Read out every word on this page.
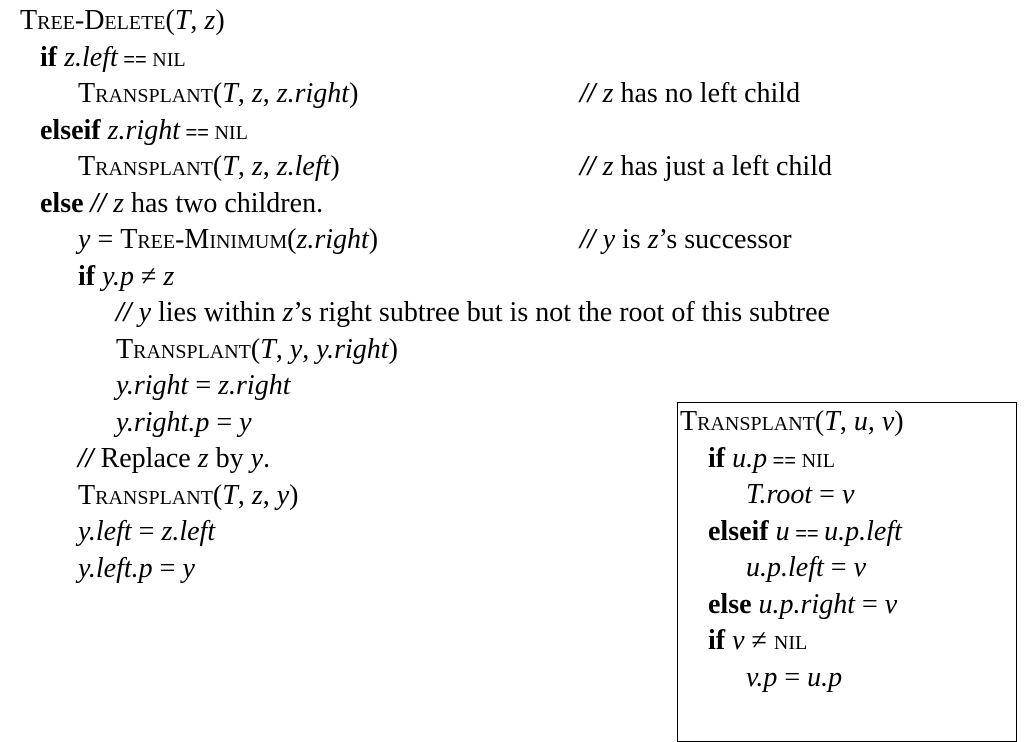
Tree-Delete(T, z)
if z.left == nil
Transplant(T, z, z.right)	// z has no left child
elseif z.right == nil
Transplant(T, z, z.left)	// z has just a left child
else // z has two children.
y = Tree-Minimum(z.right)	// y is z’s successor
if y.p ≠ z
// y lies within z’s right subtree but is not the root of this subtree
Transplant(T, y, y.right)
y.right = z.right
y.right.p = y
// Replace z by y.
Transplant(T, z, y)
y.left = z.left
y.left.p = y
Transplant(T, u, v)
if u.p == nil
T.root = v
elseif u == u.p.left
u.p.left = v
else u.p.right = v
if v ≠ nil
v.p = u.p
